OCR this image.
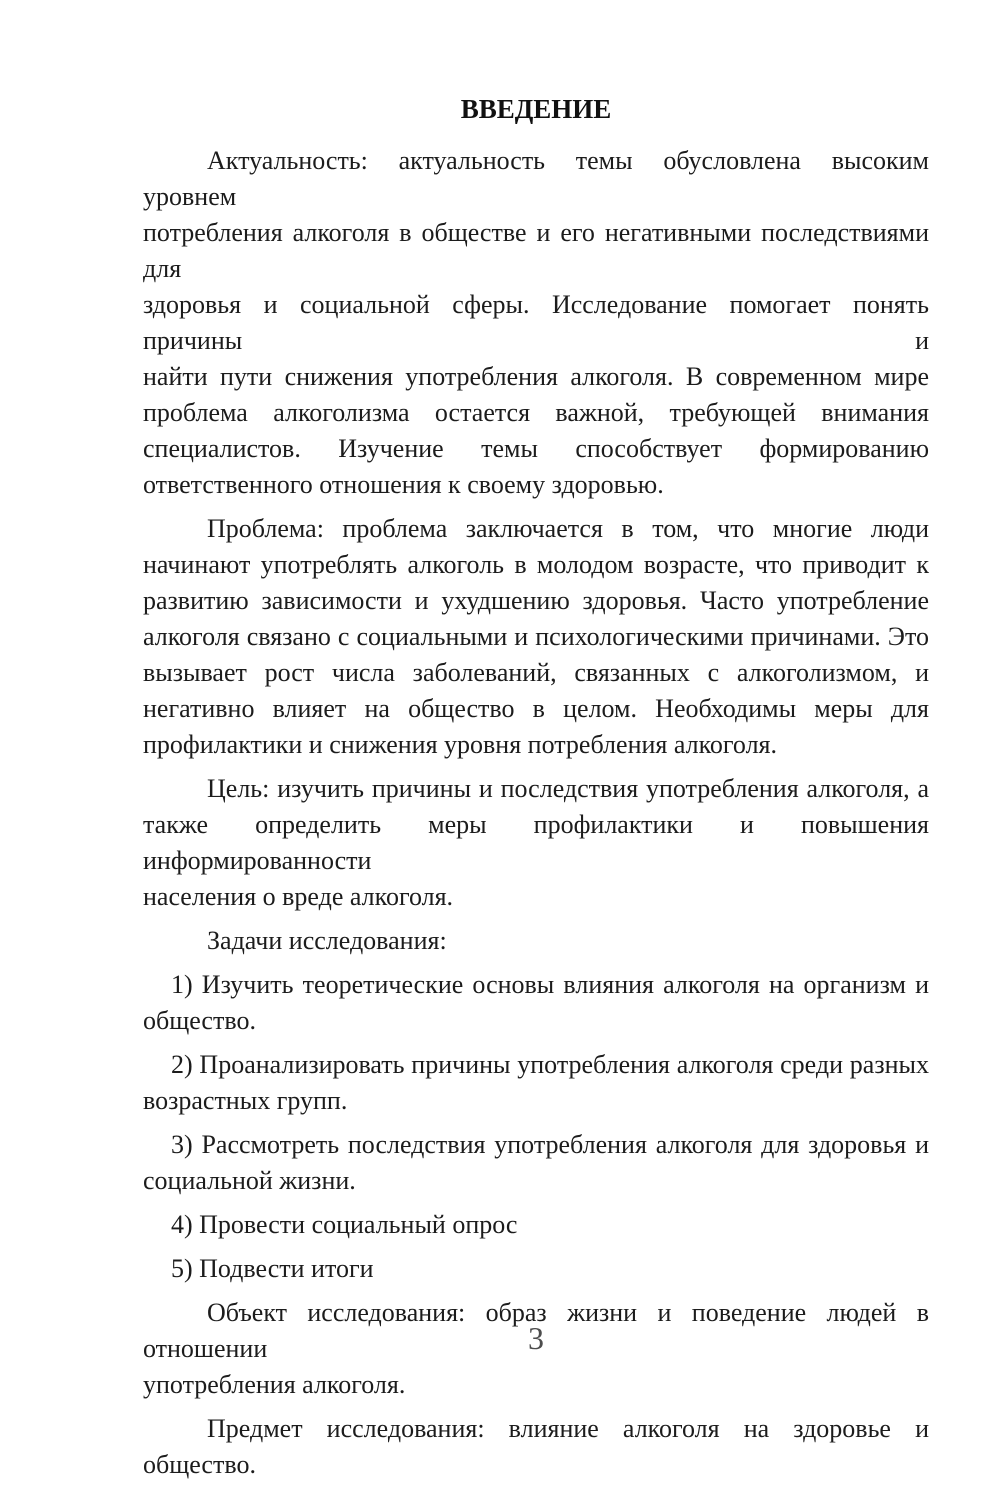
ВВЕДЕНИЕ
Актуальность: актуальность темы обусловлена высоким уровнем
потребления алкоголя в обществе и его негативными последствиями для
здоровья и социальной сферы. Исследование помогает понять причины и
найти пути снижения употребления алкоголя. В современном мире
проблема алкоголизма остается важной, требующей внимания
специалистов. Изучение темы способствует формированию
ответственного отношения к своему здоровью.
Проблема: проблема заключается в том, что многие люди
начинают употреблять алкоголь в молодом возрасте, что приводит к
развитию зависимости и ухудшению здоровья. Часто употребление
алкоголя связано с социальными и психологическими причинами. Это
вызывает рост числа заболеваний, связанных с алкоголизмом, и
негативно влияет на общество в целом. Необходимы меры для
профилактики и снижения уровня потребления алкоголя.
Цель: изучить причины и последствия употребления алкоголя, а
также определить меры профилактики и повышения информированности
населения о вреде алкоголя.
Задачи исследования:
1) Изучить теоретические основы влияния алкоголя на организм и
общество.
2) Проанализировать причины употребления алкоголя среди разных
возрастных групп.
3) Рассмотреть последствия употребления алкоголя для здоровья и
социальной жизни.
4) Провести социальный опрос
5) Подвести итоги
Объект исследования: образ жизни и поведение людей в отношении
употребления алкоголя.
Предмет исследования: влияние алкоголя на здоровье и общество.
3
